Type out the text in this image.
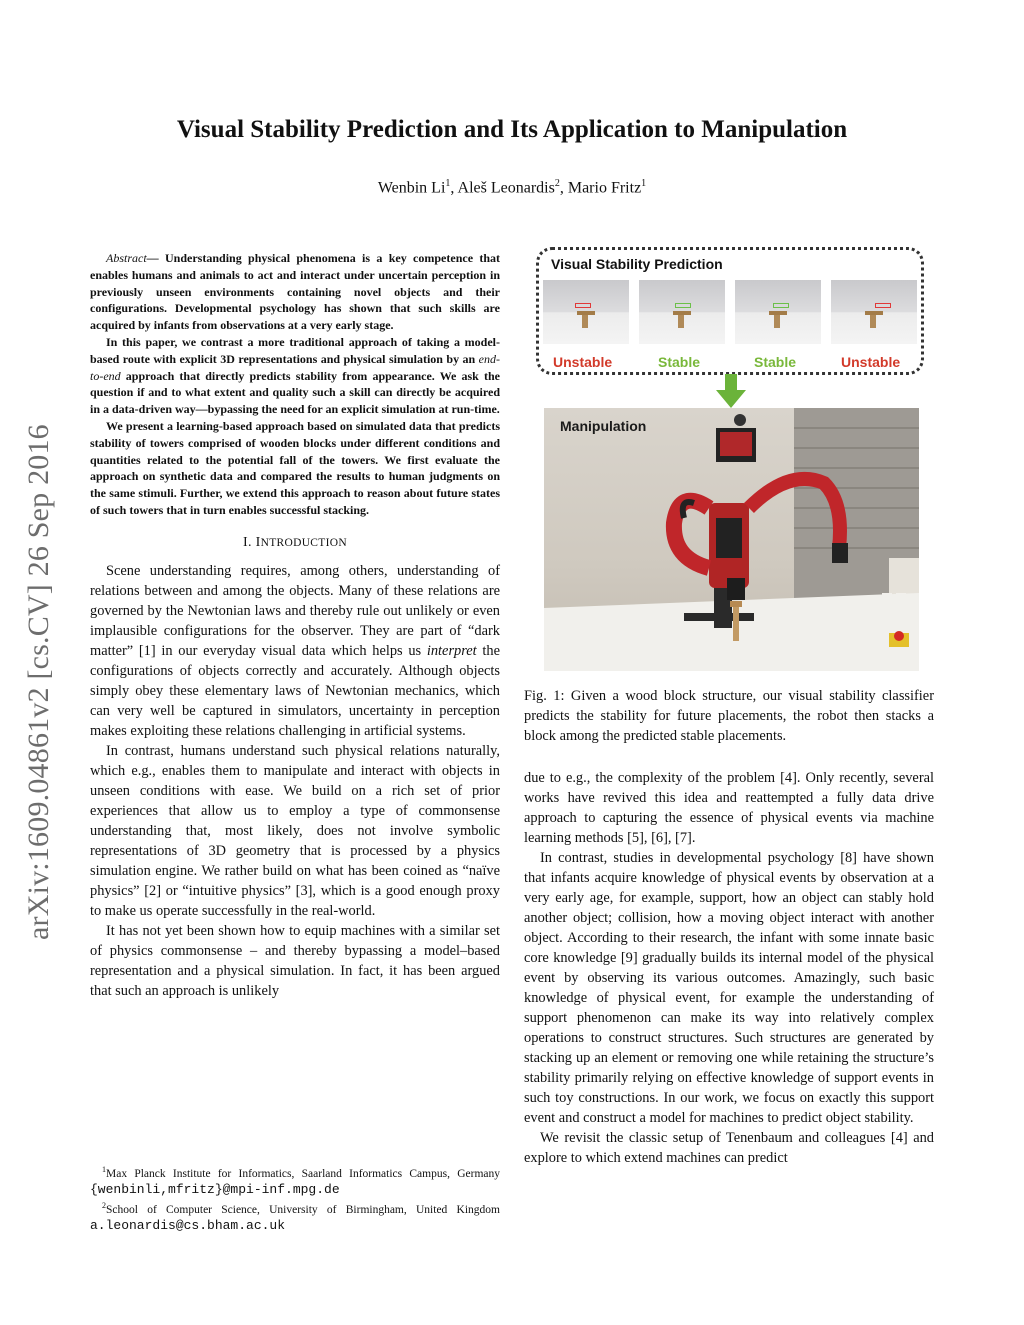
arXiv:1609.04861v2 [cs.CV] 26 Sep 2016
Visual Stability Prediction and Its Application to Manipulation
Wenbin Li$^1$, Aleš Leonardis$^2$, Mario Fritz$^1$

Abstract— Understanding physical phenomena is a key competence that enables humans and animals to act and interact under uncertain perception in previously unseen environments containing novel objects and their configurations. Developmental psychology has shown that such skills are acquired by infants from observations at a very early stage.

In this paper, we contrast a more traditional approach of taking a model-based route with explicit 3D representations and physical simulation by an end-to-end approach that directly predicts stability from appearance. We ask the question if and to what extent and quality such a skill can directly be acquired in a data-driven way—bypassing the need for an explicit simulation at run-time.

We present a learning-based approach based on simulated data that predicts stability of towers comprised of wooden blocks under different conditions and quantities related to the potential fall of the towers. We first evaluate the approach on synthetic data and compared the results to human judgments on the same stimuli. Further, we extend this approach to reason about future states of such towers that in turn enables successful stacking.

I. INTRODUCTION

Scene understanding requires, among others, understanding of relations between and among the objects. Many of these relations are governed by the Newtonian laws and thereby rule out unlikely or even implausible configurations for the observer. They are part of “dark matter” [1] in our everyday visual data which helps us interpret the configurations of objects correctly and accurately. Although objects simply obey these elementary laws of Newtonian mechanics, which can very well be captured in simulators, uncertainty in perception makes exploiting these relations challenging in artificial systems.

In contrast, humans understand such physical relations naturally, which e.g., enables them to manipulate and interact with objects in unseen conditions with ease. We build on a rich set of prior experiences that allow us to employ a type of commonsense understanding that, most likely, does not involve symbolic representations of 3D geometry that is processed by a physics simulation engine. We rather build on what has been coined as “naïve physics” [2] or “intuitive physics” [3], which is a good enough proxy to make us operate successfully in the real-world.

It has not yet been shown how to equip machines with a similar set of physics commonsense – and thereby bypassing a model–based representation and a physical simulation. In fact, it has been argued that such an approach is unlikely

$^1$Max Planck Institute for Informatics, Saarland Informatics Campus, Germany {wenbinli,mfritz}@mpi-inf.mpg.de

$^2$School of Computer Science, University of Birmingham, United Kingdom a.leonardis@cs.bham.ac.uk

Visual Stability Prediction
Unstable	Stable	Stable	Unstable
Manipulation
Fig. 1: Given a wood block structure, our visual stability classifier predicts the stability for future placements, the robot then stacks a block among the predicted stable placements.

due to e.g., the complexity of the problem [4]. Only recently, several works have revived this idea and reattempted a fully data drive approach to capturing the essence of physical events via machine learning methods [5], [6], [7].

In contrast, studies in developmental psychology [8] have shown that infants acquire knowledge of physical events by observation at a very early age, for example, support, how an object can stably hold another object; collision, how a moving object interact with another object. According to their research, the infant with some innate basic core knowledge [9] gradually builds its internal model of the physical event by observing its various outcomes. Amazingly, such basic knowledge of physical event, for example the understanding of support phenomenon can make its way into relatively complex operations to construct structures. Such structures are generated by stacking up an element or removing one while retaining the structure’s stability primarily relying on effective knowledge of support events in such toy constructions. In our work, we focus on exactly this support event and construct a model for machines to predict object stability.

We revisit the classic setup of Tenenbaum and colleagues [4] and explore to which extend machines can predict
